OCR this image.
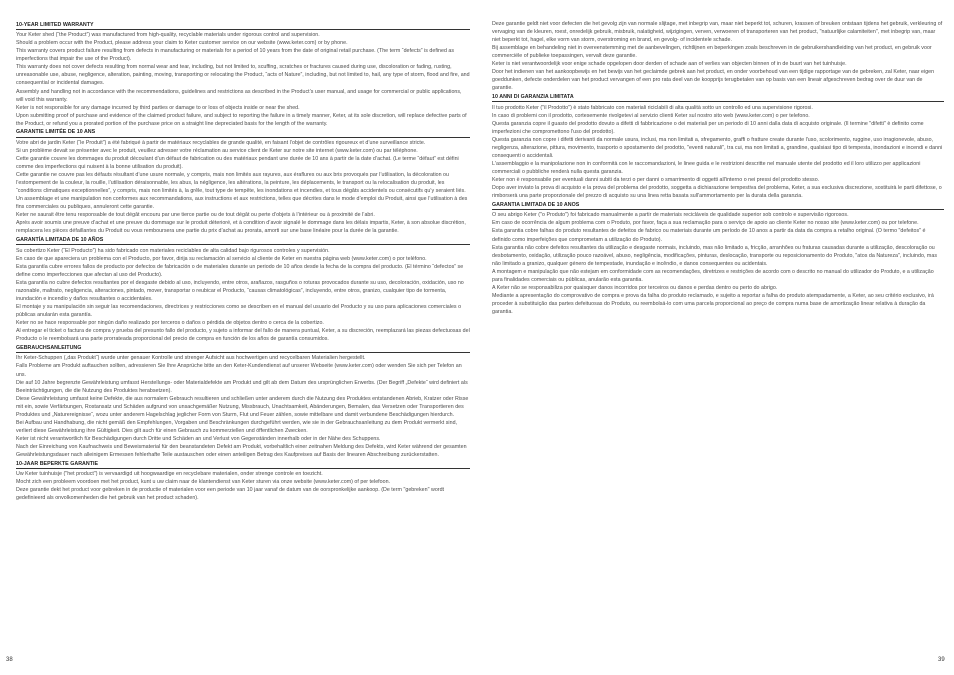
10-YEAR LIMITED WARRANTY

Your Keter shed (“the Product”) was manufactured from high-quality, recyclable materials under rigorous control and supervision.

Should a problem occur with the Product, please address your claim to Keter customer service on our website (www.keter.com) or by phone.

This warranty covers product failure resulting from defects in manufacturing or materials for a period of 10 years from the date of original retail purchase. (The term “defects” is defined as imperfections that impair the use of the Product).

This warranty does not cover defects resulting from normal wear and tear, including, but not limited to, scuffing, scratches or fractures caused during use, discoloration or fading, rusting, unreasonable use, abuse, negligence, alteration, painting, moving, transporting or relocating the Product, “acts of Nature”, including, but not limited to, hail, any type of storm, flood and fire, and consequential or incidental damages.

Assembly and handling not in accordance with the recommendations, guidelines and restrictions as described in the Product’s user manual, and usage for commercial or public applications, will void this warranty.

Keter is not responsible for any damage incurred by third parties or damage to or loss of objects inside or near the shed.

Upon submitting proof of purchase and evidence of the claimed product failure, and subject to reporting the failure in a timely manner, Keter, at its sole discretion, will replace defective parts of the Product, or refund you a prorated portion of the purchase price on a straight line depreciated basis for the length of the warranty.

GARANTIE LIMITÉE DE 10 ANS

Votre abri de jardin Keter (“le Produit”) a été fabriqué à partir de matériaux recyclables de grande qualité, en faisant l’objet de contrôles rigoureux et d’une surveillance stricte.

Si un problème devait se présenter avec le produit, veuillez adresser votre réclamation au service client de Keter sur notre site internet (www.keter.com) ou par téléphone.

Cette garantie couvre les dommages du produit découlant d’un défaut de fabrication ou des matériaux pendant une durée de 10 ans à partir de la date d’achat. (Le terme “défaut” est défini comme des imperfections qui nuisent à la bonne utilisation du produit).

Cette garantie ne couvre pas les défauts résultant d’une usure normale, y compris, mais non limités aux rayures, aux éraflures ou aux bris provoqués par l’utilisation, la décoloration ou l’estompement de la couleur, la rouille, l’utilisation déraisonnable, les abus, la négligence, les altérations, la peinture, les déplacements, le transport ou la relocalisation du produit, les “conditions climatiques exceptionnelles”, y compris, mais non limités à, la grêle, tout type de tempête, les inondations et incendies, et tous dégâts accidentels ou consécutifs qu’y seraient liés.

Un assemblage et une manipulation non conformes aux recommandations, aux instructions et aux restrictions, telles que décrites dans le mode d’emploi du Produit, ainsi que l’utilisation à des fins commerciales ou publiques, annuleront cette garantie.

Keter ne saurait être tenu responsable de tout dégât encouru par une tierce partie ou de tout dégât ou perte d’objets à l’intérieur ou à proximité de l’abri.

Après avoir soumis une preuve d’achat et une preuve du dommage sur le produit déterioré, et à condition d’avoir signalé le dommage dans les délais impartis, Keter, à son absolue discrétion, remplacera les pièces défaillantes du Produit ou vous remboursera une partie du prix d’achat au prorata, amorti sur une base linéaire pour la durée de la garantie.

GARANTÍA LIMITADA DE 10 AÑOS

Su cobertizo Keter (“El Producto”) ha sido fabricado con materiales reciclables de alta calidad bajo rigurosos controles y supervisión.

En caso de que apareciera un problema con el Producto, por favor, dirija su reclamación al servicio al cliente de Keter en nuestra página web (www.keter.com) o por teléfono.

Esta garantía cubre errores fallos de producto por defectos de fabricación o de materiales durante un periodo de 10 años desde la fecha de la compra del producto. (El término “defectos” se define como imperfecciones que afectan al uso del Producto).

Esta garantía no cubre defectos resultantes por el desgaste debido al uso, incluyendo, entre otros, arañazos, rasguños o roturas provocados durante su uso, decoloración, oxidación, uso no razonable, maltrato, negligencia, alteraciones, pintado, mover, transportar o reubicar el Producto, “causas climatológicas”, incluyendo, entre otros, granizo, cualquier tipo de tormenta, inundación e incendio y daños resultantes o accidentales.

El montaje y su manipulación sin seguir las recomendaciones, directrices y restricciones como se describen en el manual del usuario del Producto y su uso para aplicaciones comerciales o públicas anularán esta garantía.

Keter no se hace responsable por ningún daño realizado por terceros o daños o pérdida de objetos dentro o cerca de la cobertizo.

Al entregar el ticket o factura de compra y prueba del presunto fallo del producto, y sujeto a informar del fallo de manera puntual, Keter, a su discreción, reemplazará las piezas defectuosas del Producto o le reembolsará una parte prorrateada proporcional del precio de compra en función de los años de garantía consumidos.

GEBRAUCHSANLEITUNG

Ihr Keter-Schuppen („das Produkt“) wurde unter genauer Kontrolle und strenger Aufsicht aus hochwertigen und recycelbaren Materialien hergestellt.

Falls Probleme am Produkt auftauchen sollten, adressieren Sie Ihre Ansprüche bitte an den Keter-Kundendienst auf unserer Webseite (www.keter.com) oder wenden Sie sich per Telefon an uns.

Die auf 10 Jahre begrenzte Gewährleistung umfasst Herstellungs- oder Materialdefekte am Produkt und gilt ab dem Datum des ursprünglichen Erwerbs. (Der Begriff „Defekte“ wird definiert als Beeinträchtigungen, die die Nutzung des Produktes herabsetzen).

Diese Gewährleistung umfasst keine Defekte, die aus normalem Gebrauch resultieren und schließen unter anderem durch die Nutzung des Produktes entstandenen Abrieb, Kratzer oder Risse mit ein, sowie Verfärbungen, Rostansatz und Schäden aufgrund von unsachgemäßer Nutzung, Missbrauch, Unachtsamkeit, Abänderungen, Bemalen, das Versetzen oder Transportieren des Produktes und „Naturereignisse“, wozu unter anderem Hagelschlag jeglicher Form von Sturm, Flut und Feuer zählen, sowie mittelbare und damit verbundene Beschädigungen hierdurch.

Bei Aufbau und Handhabung, die nicht gemäß den Empfehlungen, Vorgaben und Beschränkungen durchgeführt werden, wie sie in der Gebrauchsanleitung zu dem Produkt vermerkt sind, verliert diese Gewährleistung ihre Gültigkeit. Dies gilt auch für einen Gebrauch zu kommerziellen und öffentlichen Zwecken.

Keter ist nicht verantwortlich für Beschädigungen durch Dritte und Schäden an und Verlust von Gegenständen innerhalb oder in der Nähe des Schuppens.

Nach der Einreichung von Kaufnachweis und Beweismaterial für den beanstandeten Defekt am Produkt, vorbehaltlich einer zeitnahen Meldung des Defekts, wird Keter während der gesamten Gewährleistungsdauer nach alleinigem Ermessen fehlerhafte Teile austauschen oder einen anteiligen Betrag des Kaufpreises auf Basis der linearen Abschreibung zurückerstatten.

10-JAAR BEPERKTE GARANTIE

Uw Keter tuinhuisje ("het product") is vervaardigd uit hoogwaardige en recyclebare materialen, onder strenge controle en toezicht.

Mocht zich een probleem voordoen met het product, kunt u uw claim naar de klantendienst van Keter sturen via onze website (www.keter.com) of per telefoon.

Deze garantie dekt het product voor gebreken in de productie of materialen voor een periode van 10 jaar vanaf de datum van de oorspronkelijke aankoop. (De term "gebreken" wordt gedefinieerd als onvolkomenheden die het gebruik van het product schaden).

Deze garantie geldt niet voor defecten die het gevolg zijn van normale slijtage, met inbegrip van, maar niet beperkt tot, schuren, krassen of breuken ontstaan tijdens het gebruik, verkleuring of vervaging van de kleuren, roest, onredelijk gebruik, misbruik, nalatigheid, wijzigingen, verven, verwoeren of transporteren van het product, "natuurlijke calamiteiten", met inbegrip van, maar niet beperkt tot, hagel, elke vorm van storm, overstroming en brand, en gevolg- of incidentele schade.

Bij assemblage en behandeling niet in overeenstemming met de aanbevelingen, richtlijnen en beperkingen zoals beschreven in de gebruikershandleiding van het product, en gebruik voor commerciële of publieke toepassingen, vervalt deze garantie.

Keter is niet verantwoordelijk voor enige schade opgelopen door derden of schade aan of verlies van objecten binnen of in de buurt van het tuinhuisje.

Door het indienen van het aankoopbewijs en het bewijs van het geclaimde gebrek aan het product, en onder voorbehoud van een tijdige rapportage van de gebreken, zal Keter, naar eigen goeddunken, defecte onderdelen van het product vervangen of een pro rata deel van de koopprijs terugbetalen van op basis van een lineair afgeschreven bedrag over de duur van de garantie.

10 ANNI DI GARANZIA LIMITATA

Il tuo prodotto Keter ("il Prodotto") è stato fabbricato con materiali riciclabili di alta qualità sotto un controllo ed una supervisione rigorosi.

In caso di problemi con il prodotto, cortesemente rivolgetevi al servizio clienti Keter sul nostro sito web (www.keter.com) o per telefono.

Questa garanzia copre il guasto del prodotto dovuto a difetti di fabbricazione o dei materiali per un periodo di 10 anni dalla data di acquisto originale. (Il termine "difetti" è definito come imperfezioni che compromettono l'uso del prodotto).

Questa garanzia non copre i difetti derivanti da normale usura, inclusi, ma non limitati a, sfregamento, graffi o fratture create durante l'uso, scolorimento, ruggine, uso irragionevole, abuso, negligenza, alterazione, pittura, movimento, trasporto o spostamento del prodotto, "eventi naturali", tra cui, ma non limitati a, grandine, qualsiasi tipo di tempesta, inondazioni e incendi e danni consequenti o accidentali.

L'assemblaggio e la manipolazione non in conformità con le raccomandazioni, le linee guida e le restrizioni descritte nel manuale utente del prodotto ed il loro utilizzo per applicazioni commerciali o pubbliche renderà nulla questa garanzia.

Keter non è responsabile per eventuali danni subiti da terzi o per danni o smarrimento di oggetti all'interno o nei pressi del prodotto stesso.

Dopo aver inviato la prova di acquisto e la prova del problema del prodotto, soggetta a dichiarazione tempestiva del problema, Keter, a sua esclusiva discrezione, sostituirà le parti difettose, o rimborserà una parte proporzionale del prezzo di acquisto su una linea retta basata sull'ammortamento per la durata della garanzia.

GARANTIA LIMITADA DE 10 ANOS

O seu abrigo Keter ("o Produto") foi fabricado manualmente a partir de materiais recicláveis de qualidade superior sob controlo e supervisão rigorosos.

Em caso de ocorrência de algum problema com o Produto, por favor, faça a sua reclamação para o serviço de apoio ao cliente Keter no nosso site (www.keter.com) ou por telefone.

Esta garantia cobre falhas do produto resultantes de defeitos de fabrico ou materiais durante um período de 10 anos a partir da data da compra a retalho original. (O termo "defeitos" é definido como imperfeições que comprometam a utilização do Produto).

Esta garantia não cobre defeitos resultantes da utilização e desgaste normais, incluindo, mas não limitado a, fricção, arranhões ou fraturas causadas durante a utilização, descoloração ou desbotamento, oxidação, utilização pouco razoável, abuso, negligência, modificações, pinturas, deslocação, transporte ou reposicionamento do Produto, "atos da Natureza", incluindo, mas não limitado a granizo, qualquer género de tempestade, inundação e incêndio, e danos consequentes ou acidentais.

A montagem e manipulação que não estejam em conformidade com as recomendações, diretrizes e restrições de acordo com o descrito no manual do utilizador do Produto, e a utilização para finalidades comerciais ou públicas, anularão esta garantia.

A Keter não se responsabiliza por quaisquer danos incorridos por terceiros ou danos e perdas dentro ou perto do abrigo.

Mediante a apresentação do comprovativo de compra e prova da falha do produto reclamado, e sujeito a reportar a falha do produto atempadamente, a Keter, ao seu critério exclusivo, irá proceder à substituição das partes defeituosas do Produto, ou reembolsá-lo com uma parcela proporcional ao preço de compra numa base de amortização linear relativa à duração da garantia.

38	39
